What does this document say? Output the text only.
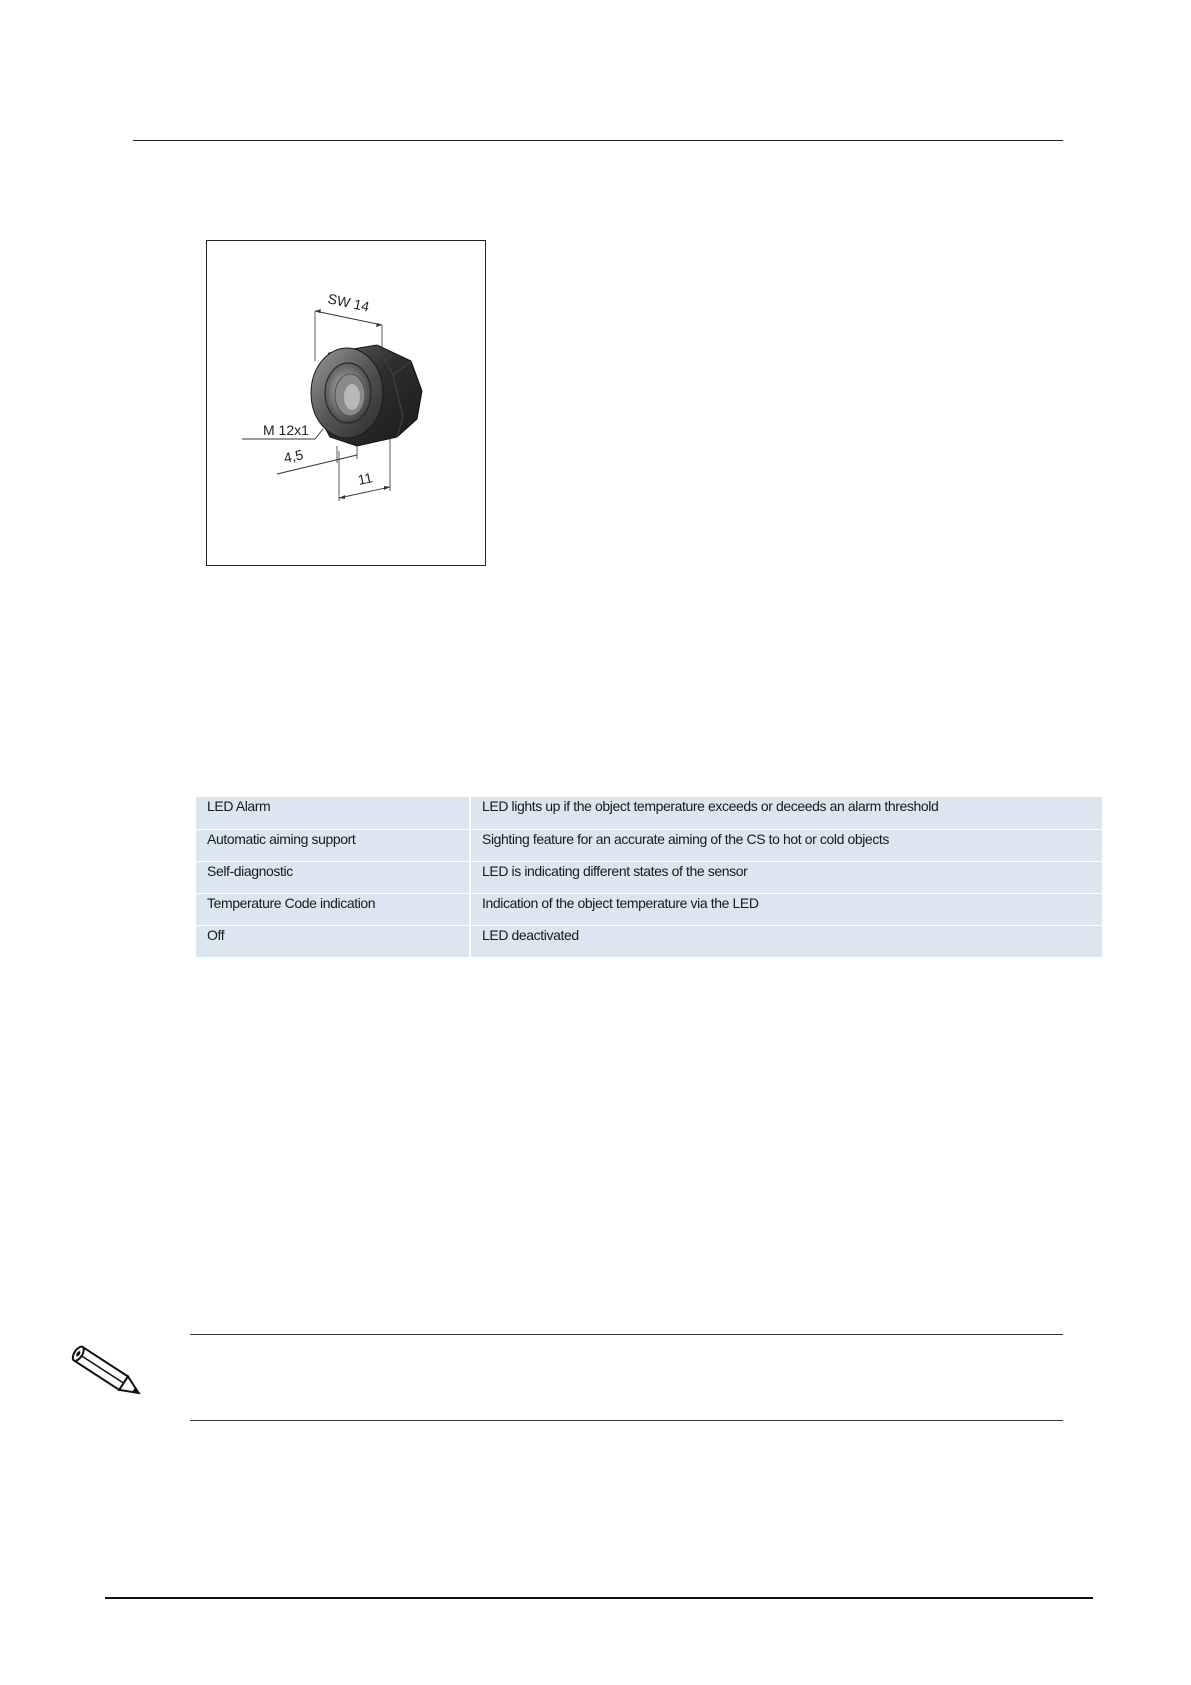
SW 14
M 12x1
4,5
11
LED Alarm	LED lights up if the object temperature exceeds or deceeds an alarm threshold
Automatic aiming support	Sighting feature for an accurate aiming of the CS to hot or cold objects
Self-diagnostic	LED is indicating different states of the sensor
Temperature Code indication	Indication of the object temperature via the LED
Off	LED deactivated
